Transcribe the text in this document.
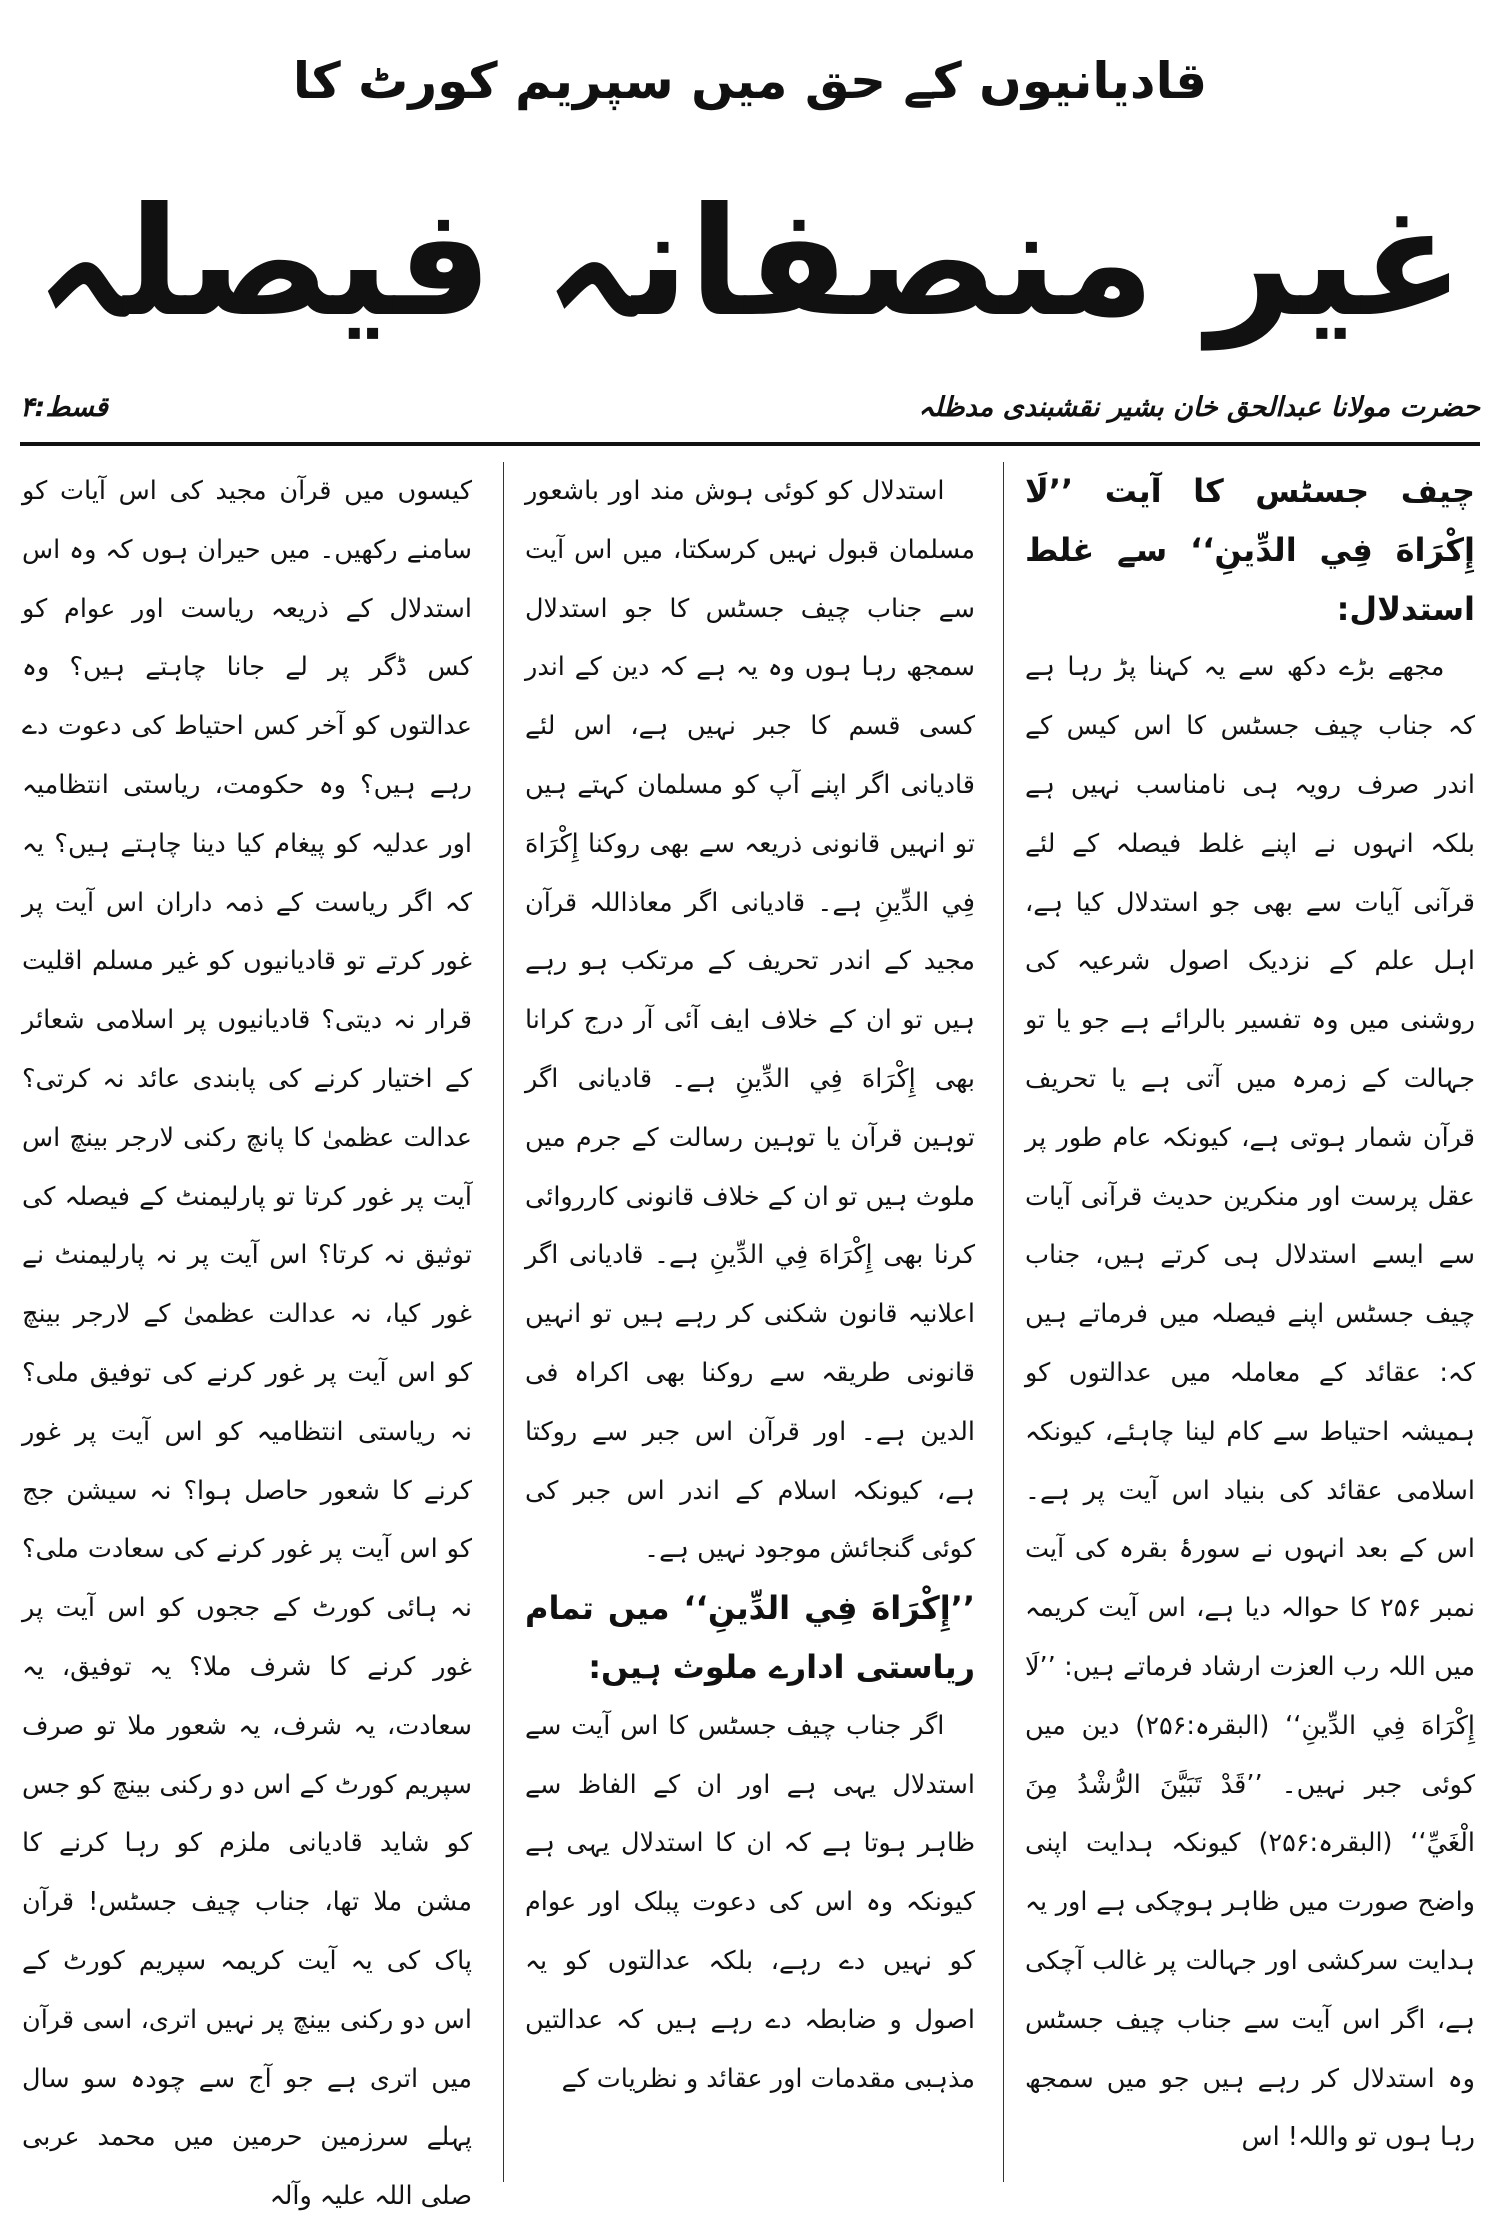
قادیانیوں کے حق میں سپریم کورٹ کا
غیر منصفانہ فیصلہ
حضرت مولانا عبدالحق خان بشیر نقشبندی مدظلہ
قسط:۴
چیف جسٹس کا آیت ’’لَا إِكْرَاهَ فِي الدِّينِ‘‘ سے غلط استدلال:

مجھے بڑے دکھ سے یہ کہنا پڑ رہا ہے کہ جناب چیف جسٹس کا اس کیس کے اندر صرف رویہ ہی نامناسب نہیں ہے بلکہ انہوں نے اپنے غلط فیصلہ کے لئے قرآنی آیات سے بھی جو استدلال کیا ہے، اہل علم کے نزدیک اصول شرعیہ کی روشنی میں وہ تفسیر بالرائے ہے جو یا تو جہالت کے زمرہ میں آتی ہے یا تحریف قرآن شمار ہوتی ہے، کیونکہ عام طور پر عقل پرست اور منکرین حدیث قرآنی آیات سے ایسے استدلال ہی کرتے ہیں، جناب چیف جسٹس اپنے فیصلہ میں فرماتے ہیں کہ: عقائد کے معاملہ میں عدالتوں کو ہمیشہ احتیاط سے کام لینا چاہئے، کیونکہ اسلامی عقائد کی بنیاد اس آیت پر ہے۔ اس کے بعد انہوں نے سورۂ بقرہ کی آیت نمبر ۲۵۶ کا حوالہ دیا ہے، اس آیت کریمہ میں اللہ رب العزت ارشاد فرماتے ہیں: ’’لَا إِكْرَاهَ فِي الدِّينِ‘‘ (البقرہ:۲۵۶) دین میں کوئی جبر نہیں۔ ’’قَدْ تَبَيَّنَ الرُّشْدُ مِنَ الْغَيِّ‘‘ (البقرہ:۲۵۶) کیونکہ ہدایت اپنی واضح صورت میں ظاہر ہوچکی ہے اور یہ ہدایت سرکشی اور جہالت پر غالب آچکی ہے، اگر اس آیت سے جناب چیف جسٹس وہ استدلال کر رہے ہیں جو میں سمجھ رہا ہوں تو واللہ! اس

استدلال کو کوئی ہوش مند اور باشعور مسلمان قبول نہیں کرسکتا، میں اس آیت سے جناب چیف جسٹس کا جو استدلال سمجھ رہا ہوں وہ یہ ہے کہ دین کے اندر کسی قسم کا جبر نہیں ہے، اس لئے قادیانی اگر اپنے آپ کو مسلمان کہتے ہیں تو انہیں قانونی ذریعہ سے بھی روکنا إِكْرَاهَ فِي الدِّينِ ہے۔ قادیانی اگر معاذاللہ قرآن مجید کے اندر تحریف کے مرتکب ہو رہے ہیں تو ان کے خلاف ایف آئی آر درج کرانا بھی إِكْرَاهَ فِي الدِّينِ ہے۔ قادیانی اگر توہین قرآن یا توہین رسالت کے جرم میں ملوث ہیں تو ان کے خلاف قانونی کارروائی کرنا بھی إِكْرَاهَ فِي الدِّينِ ہے۔ قادیانی اگر اعلانیہ قانون شکنی کر رہے ہیں تو انہیں قانونی طریقہ سے روکنا بھی اکراہ فی الدین ہے۔ اور قرآن اس جبر سے روکتا ہے، کیونکہ اسلام کے اندر اس جبر کی کوئی گنجائش موجود نہیں ہے۔

’’إِكْرَاهَ فِي الدِّينِ‘‘ میں تمام ریاستی ادارے ملوث ہیں:

اگر جناب چیف جسٹس کا اس آیت سے استدلال یہی ہے اور ان کے الفاظ سے ظاہر ہوتا ہے کہ ان کا استدلال یہی ہے کیونکہ وہ اس کی دعوت پبلک اور عوام کو نہیں دے رہے، بلکہ عدالتوں کو یہ اصول و ضابطہ دے رہے ہیں کہ عدالتیں مذہبی مقدمات اور عقائد و نظریات کے

کیسوں میں قرآن مجید کی اس آیات کو سامنے رکھیں۔ میں حیران ہوں کہ وہ اس استدلال کے ذریعہ ریاست اور عوام کو کس ڈگر پر لے جانا چاہتے ہیں؟ وہ عدالتوں کو آخر کس احتیاط کی دعوت دے رہے ہیں؟ وہ حکومت، ریاستی انتظامیہ اور عدلیہ کو پیغام کیا دینا چاہتے ہیں؟ یہ کہ اگر ریاست کے ذمہ داران اس آیت پر غور کرتے تو قادیانیوں کو غیر مسلم اقلیت قرار نہ دیتی؟ قادیانیوں پر اسلامی شعائر کے اختیار کرنے کی پابندی عائد نہ کرتی؟ عدالت عظمیٰ کا پانچ رکنی لارجر بینچ اس آیت پر غور کرتا تو پارلیمنٹ کے فیصلہ کی توثیق نہ کرتا؟ اس آیت پر نہ پارلیمنٹ نے غور کیا، نہ عدالت عظمیٰ کے لارجر بینچ کو اس آیت پر غور کرنے کی توفیق ملی؟ نہ ریاستی انتظامیہ کو اس آیت پر غور کرنے کا شعور حاصل ہوا؟ نہ سیشن جج کو اس آیت پر غور کرنے کی سعادت ملی؟ نہ ہائی کورٹ کے ججوں کو اس آیت پر غور کرنے کا شرف ملا؟ یہ توفیق، یہ سعادت، یہ شرف، یہ شعور ملا تو صرف سپریم کورٹ کے اس دو رکنی بینچ کو جس کو شاید قادیانی ملزم کو رہا کرنے کا مشن ملا تھا، جناب چیف جسٹس! قرآن پاک کی یہ آیت کریمہ سپریم کورٹ کے اس دو رکنی بینچ پر نہیں اتری، اسی قرآن میں اتری ہے جو آج سے چودہ سو سال پہلے سرزمین حرمین میں محمد عربی صلی اللہ علیہ وآلہ
